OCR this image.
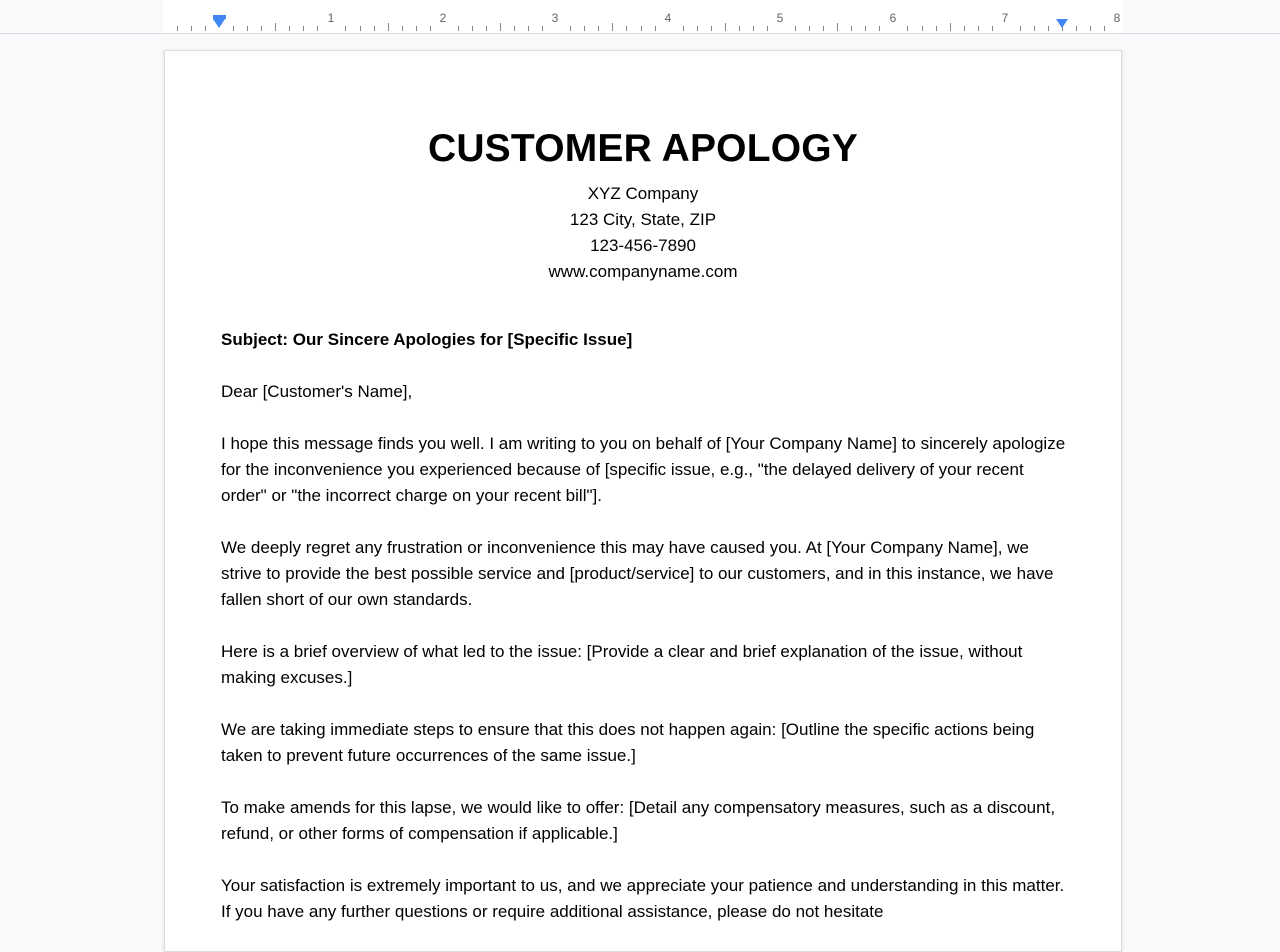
1	2	3	4	5	6	7	8
CUSTOMER APOLOGY
XYZ Company
123 City, State, ZIP
123-456-7890
www.companyname.com

Subject: Our Sincere Apologies for [Specific Issue]

Dear [Customer's Name],

I hope this message finds you well. I am writing to you on behalf of [Your Company Name] to sincerely apologize for the inconvenience you experienced because of [specific issue, e.g., "the delayed delivery of your recent order" or "the incorrect charge on your recent bill"].

We deeply regret any frustration or inconvenience this may have caused you. At [Your Company Name], we strive to provide the best possible service and [product/service] to our customers, and in this instance, we have fallen short of our own standards.

Here is a brief overview of what led to the issue: [Provide a clear and brief explanation of the issue, without making excuses.]

We are taking immediate steps to ensure that this does not happen again: [Outline the specific actions being taken to prevent future occurrences of the same issue.]

To make amends for this lapse, we would like to offer: [Detail any compensatory measures, such as a discount, refund, or other forms of compensation if applicable.]

Your satisfaction is extremely important to us, and we appreciate your patience and understanding in this matter. If you have any further questions or require additional assistance, please do not hesitate
